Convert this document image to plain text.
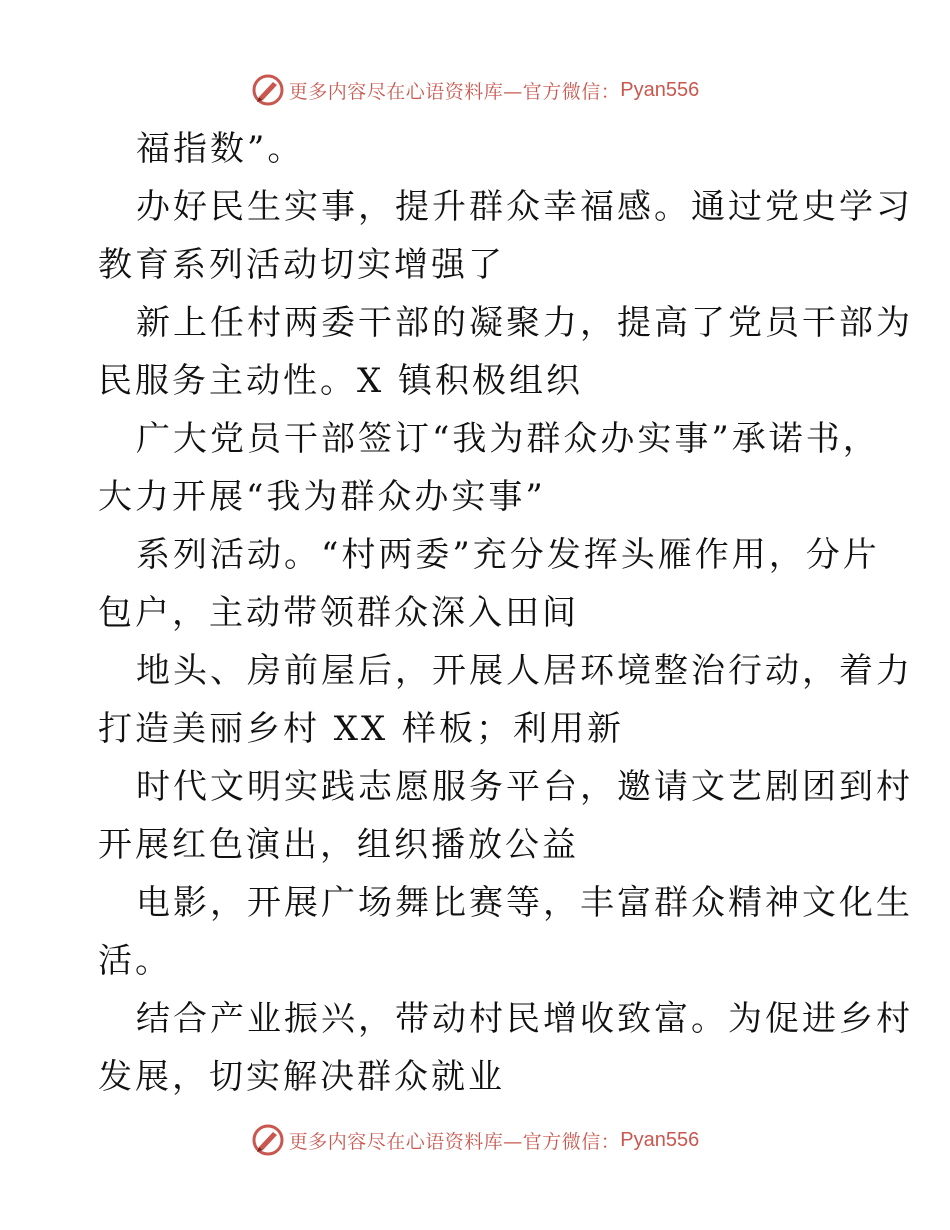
更多内容尽在心语资料库—官方微信： Pyan556

福指数”。

办好民生实事，提升群众幸福感。通过党史学习

教育系列活动切实增强了

新上任村两委干部的凝聚力，提高了党员干部为

民服务主动性。X 镇积极组织

广大党员干部签订“我为群众办实事”承诺书，

大力开展“我为群众办实事”

系列活动。“村两委”充分发挥头雁作用，分片

包户，主动带领群众深入田间

地头、房前屋后，开展人居环境整治行动，着力

打造美丽乡村 XX 样板；利用新

时代文明实践志愿服务平台，邀请文艺剧团到村

开展红色演出，组织播放公益

电影，开展广场舞比赛等，丰富群众精神文化生

活。

结合产业振兴，带动村民增收致富。为促进乡村

发展，切实解决群众就业

更多内容尽在心语资料库—官方微信： Pyan556
